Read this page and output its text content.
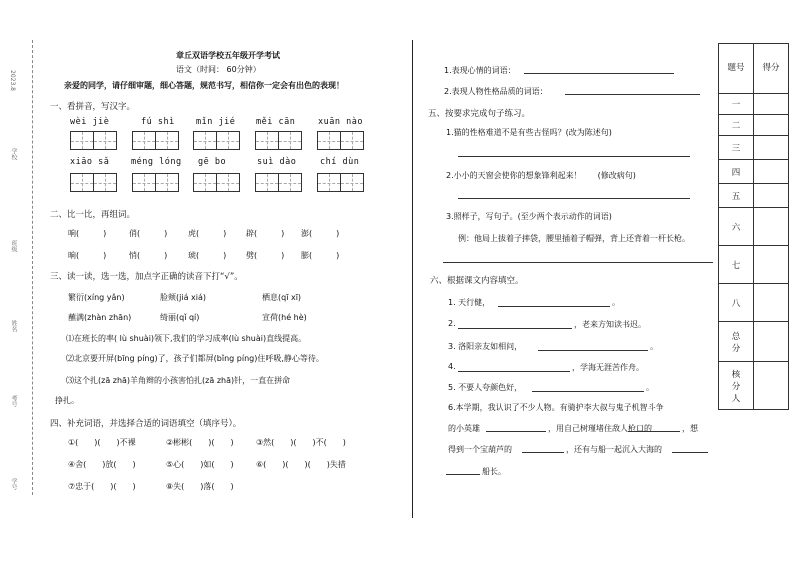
2023.8
学校
班级
姓名
考号
学号
章丘双语学校五年级开学考试
语文（时间： 60分钟）
亲爱的同学，请仔细审题，细心答题，规范书写，相信你一定会有出色的表现！
一、看拼音，写汉字。
wèi jiè	fú shì	mǐn jié měi cān	xuān nào
xiāo sǎ	méng lóng gē bo	suì dào	chí dùn
二、比一比，再组词。
响(　　　)	俏(　　　)	虎(　　　) 辟(　　　) 澎(　　　)
晌(　　　)	悄(　　　)	琥(　　　) 劈(　　　) 膨(　　　)
三、读一读，选一选，加点字正确的读音下打“√”。
繁衍(xíng yǎn)	脸颊(jiá xiá)	栖息(qī xī)
蘸满(zhàn zhān)	绮丽(qǐ qí)	宣荷(hé hè)
⑴在班长的率( lù shuài)领下,我们的学习成率(lù shuài)直线提高。
⑵北京要开屏(bīng píng)了，孩子们都屏(bǐng píng)住呼吸,静心等待。
⑶这个扎(zā zhā)羊角辫的小孩害怕扎(zā zhā)针，一直在拼命
挣扎。
四、补充词语，并选择合适的词语填空（填序号）。
①(　　)(　　)不裸	②彬彬(　　)(　　)	③然(　　)(　　)不(　　)
④舍(　　)放(　　)	⑤心(　　)如(　　)	⑥(　　)(　　)(　　)失措
⑦忠于(　　)(　　)	⑧失(　　)落(　　)
1.表现心情的词语：
2.表现人物性格品质的词语：
五、按要求完成句子练习。
1.猫的性格难道不是有些古怪吗？(改为陈述句)
2.小小的天窗会使你的想象锋利起来！　　(修改病句)
3.照样子，写句子。(至少两个表示动作的词语)
例：他局上拔着子摔袋，腰里插着子帽弹，背上还背着一杆长枪。
六、根据课文内容填空。
1. 天行健，	。
2.	，老来方知读书迟。
3. 洛阳亲友如相问，	。
4.	，学海无涯苦作舟。
5. 不要人夸颜色好，	。
6.本学期，我认识了不少人物。有骑护李大叔与鬼子机智斗争
的小英雄	，用自己树瑾堵住敌人枪口的	，想
得到一个宝葫芦的	，还有与船一起沉入大海的
船长。
题号	得分

一	
二	
三	
四	
五	
六	
七	
八	
总分	
核分人	
